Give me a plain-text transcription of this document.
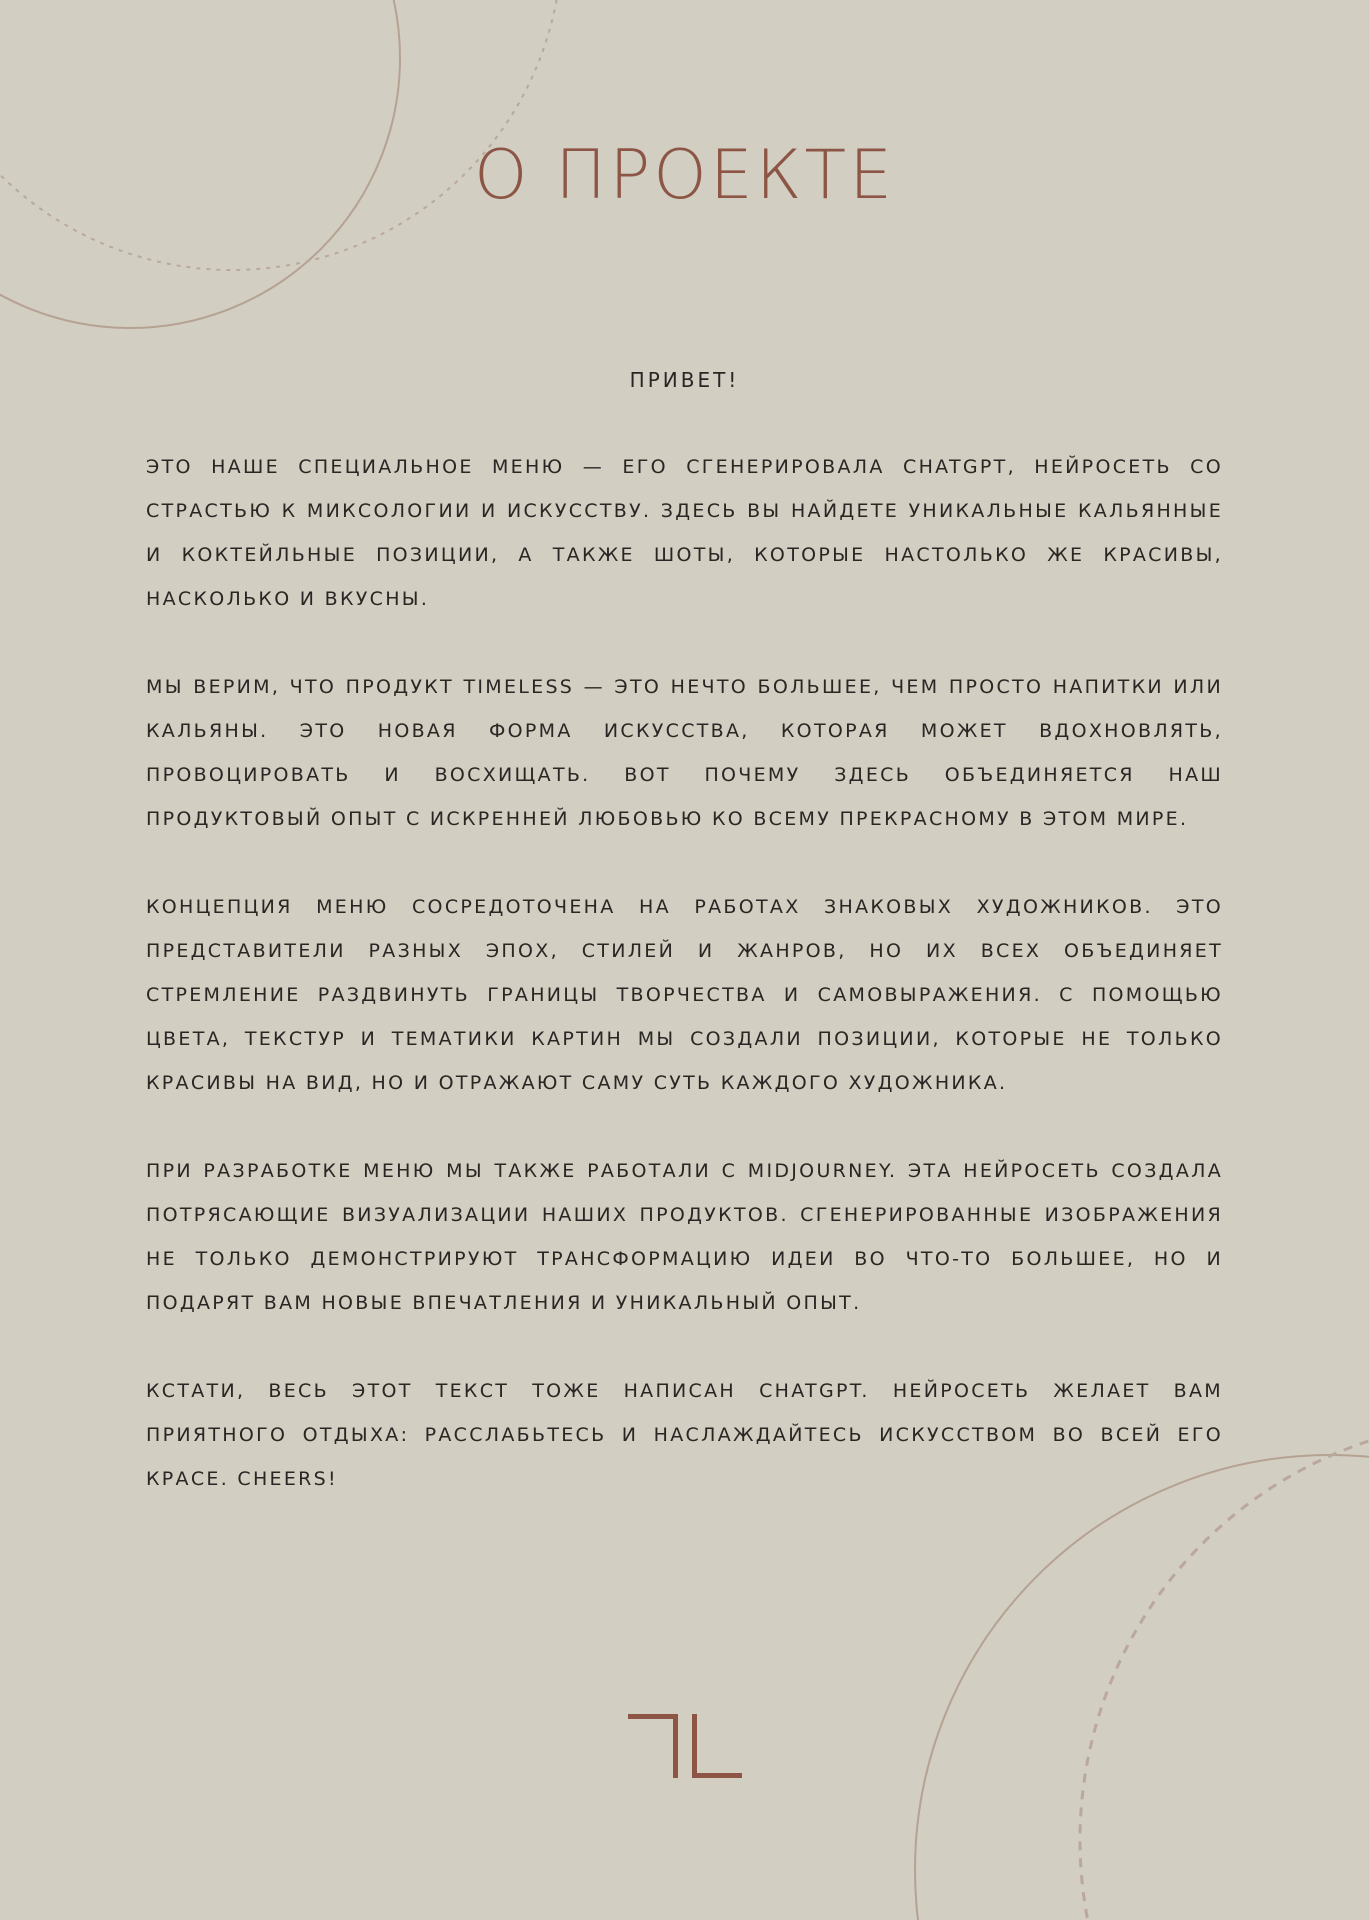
О ПРОЕКТЕ
ПРИВЕТ!

ЭТО НАШЕ СПЕЦИАЛЬНОЕ МЕНЮ — ЕГО СГЕНЕРИРОВАЛА CHATGPT, НЕЙРОСЕТЬ СО СТРАСТЬЮ К МИКСОЛОГИИ И ИСКУССТВУ. ЗДЕСЬ ВЫ НАЙДЕТЕ УНИКАЛЬНЫЕ КАЛЬЯННЫЕ И КОКТЕЙЛЬНЫЕ ПОЗИЦИИ, А ТАКЖЕ ШОТЫ, КОТОРЫЕ НАСТОЛЬКО ЖЕ КРАСИВЫ, НАСКОЛЬКО И ВКУСНЫ.

МЫ ВЕРИМ, ЧТО ПРОДУКТ TIMELESS — ЭТО НЕЧТО БОЛЬШЕЕ, ЧЕМ ПРОСТО НАПИТКИ ИЛИ КАЛЬЯНЫ. ЭТО НОВАЯ ФОРМА ИСКУССТВА, КОТОРАЯ МОЖЕТ ВДОХНОВЛЯТЬ, ПРОВОЦИРОВАТЬ И ВОСХИЩАТЬ. ВОТ ПОЧЕМУ ЗДЕСЬ ОБЪЕДИНЯЕТСЯ НАШ ПРОДУКТОВЫЙ ОПЫТ С ИСКРЕННЕЙ ЛЮБОВЬЮ КО ВСЕМУ ПРЕКРАСНОМУ В ЭТОМ МИРЕ.

КОНЦЕПЦИЯ МЕНЮ СОСРЕДОТОЧЕНА НА РАБОТАХ ЗНАКОВЫХ ХУДОЖНИКОВ. ЭТО ПРЕДСТАВИТЕЛИ РАЗНЫХ ЭПОХ, СТИЛЕЙ И ЖАНРОВ, НО ИХ ВСЕХ ОБЪЕДИНЯЕТ СТРЕМЛЕНИЕ РАЗДВИНУТЬ ГРАНИЦЫ ТВОРЧЕСТВА И САМОВЫРАЖЕНИЯ. С ПОМОЩЬЮ ЦВЕТА, ТЕКСТУР И ТЕМАТИКИ КАРТИН МЫ СОЗДАЛИ ПОЗИЦИИ, КОТОРЫЕ НЕ ТОЛЬКО КРАСИВЫ НА ВИД, НО И ОТРАЖАЮТ САМУ СУТЬ КАЖДОГО ХУДОЖНИКА.

ПРИ РАЗРАБОТКЕ МЕНЮ МЫ ТАКЖЕ РАБОТАЛИ С MIDJOURNEY. ЭТА НЕЙРОСЕТЬ СОЗДАЛА ПОТРЯСАЮЩИЕ ВИЗУАЛИЗАЦИИ НАШИХ ПРОДУКТОВ. СГЕНЕРИРОВАННЫЕ ИЗОБРАЖЕНИЯ НЕ ТОЛЬКО ДЕМОНСТРИРУЮТ ТРАНСФОРМАЦИЮ ИДЕИ ВО ЧТО-ТО БОЛЬШЕЕ, НО И ПОДАРЯТ ВАМ НОВЫЕ ВПЕЧАТЛЕНИЯ И УНИКАЛЬНЫЙ ОПЫТ.

КСТАТИ, ВЕСЬ ЭТОТ ТЕКСТ ТОЖЕ НАПИСАН CHATGPT. НЕЙРОСЕТЬ ЖЕЛАЕТ ВАМ ПРИЯТНОГО ОТДЫХА: РАССЛАБЬТЕСЬ И НАСЛАЖДАЙТЕСЬ ИСКУССТВОМ ВО ВСЕЙ ЕГО КРАСЕ. CHEERS!
